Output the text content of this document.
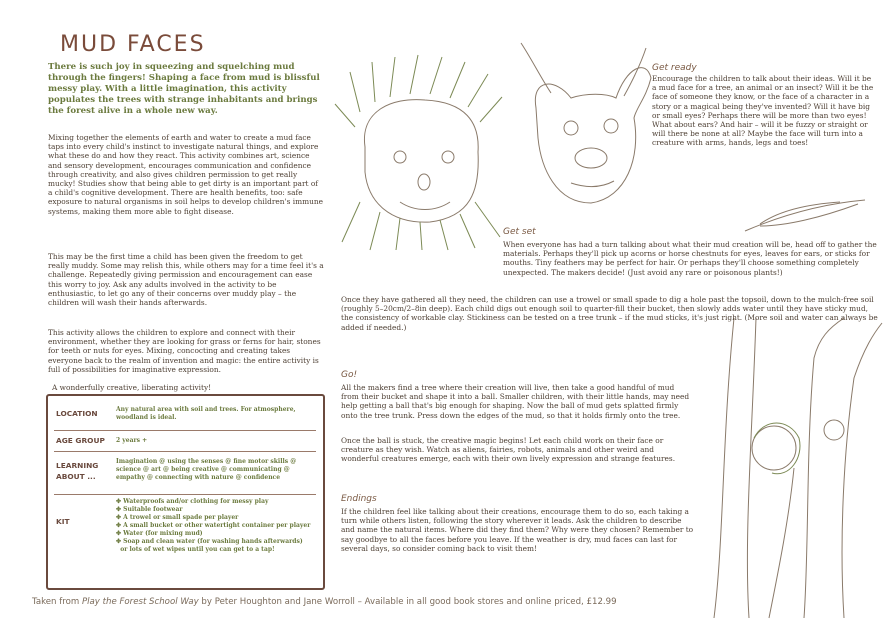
MUD FACES
There is such joy in squeezing and squelching mud through the fingers! Shaping a face from mud is blissful messy play. With a little imagination, this activity populates the trees with strange inhabitants and brings the forest alive in a whole new way.
Mixing together the elements of earth and water to create a mud face taps into every child's instinct to investigate natural things, and explore what these do and how they react. This activity combines art, science and sensory development, encourages communication and confidence through creativity, and also gives children permission to get really mucky! Studies show that being able to get dirty is an important part of a child's cognitive development. There are health benefits, too: safe exposure to natural organisms in soil helps to develop children's immune systems, making them more able to fight disease.
This may be the first time a child has been given the freedom to get really muddy. Some may relish this, while others may for a time feel it's a challenge. Repeatedly giving permission and encouragement can ease this worry to joy. Ask any adults involved in the activity to be enthusiastic, to let go any of their concerns over muddy play – the children will wash their hands afterwards.
This activity allows the children to explore and connect with their environment, whether they are looking for grass or ferns for hair, stones for teeth or nuts for eyes. Mixing, concocting and creating takes everyone back to the realm of invention and magic: the entire activity is full of possibilities for imaginative expression.
A wonderfully creative, liberating activity!
LOCATION	Any natural area with soil and trees. For atmosphere, woodland is ideal.
AGE GROUP 2 years +
LEARNING
ABOUT ...
Imagination @ using the senses @ fine motor skills @ science @ art @ being creative @ communicating @ empathy @ connecting with nature @ confidence
KIT
✤ Waterproofs and/or clothing for messy play
✤ Suitable footwear
✤ A trowel or small spade per player
✤ A small bucket or other watertight container per player
✤ Water (for mixing mud)
✤ Soap and clean water (for washing hands afterwards)
or lots of wet wipes until you can get to a tap!
Get ready
Encourage the children to talk about their ideas. Will it be a mud face for a tree, an animal or an insect? Will it be the face of someone they know, or the face of a character in a story or a magical being they've invented? Will it have big or small eyes? Perhaps there will be more than two eyes! What about ears? And hair – will it be fuzzy or straight or will there be none at all? Maybe the face will turn into a creature with arms, hands, legs and toes!
Get set
When everyone has had a turn talking about what their mud creation will be, head off to gather the materials. Perhaps they'll pick up acorns or horse chestnuts for eyes, leaves for ears, or sticks for mouths. Tiny feathers may be perfect for hair. Or perhaps they'll choose something completely unexpected. The makers decide! (Just avoid any rare or poisonous plants!)
Once they have gathered all they need, the children can use a trowel or small spade to dig a hole past the topsoil, down to the mulch-free soil (roughly 5–20cm/2–8in deep). Each child digs out enough soil to quarter-fill their bucket, then slowly adds water until they have sticky mud, the consistency of workable clay. Stickiness can be tested on a tree trunk – if the mud sticks, it's just right. (More soil and water can always be added if needed.)
Go!
All the makers find a tree where their creation will live, then take a good handful of mud from their bucket and shape it into a ball. Smaller children, with their little hands, may need help getting a ball that's big enough for shaping. Now the ball of mud gets splatted firmly onto the tree trunk. Press down the edges of the mud, so that it holds firmly onto the tree.
Once the ball is stuck, the creative magic begins! Let each child work on their face or creature as they wish. Watch as aliens, fairies, robots, animals and other weird and wonderful creatures emerge, each with their own lively expression and strange features.
Endings
If the children feel like talking about their creations, encourage them to do so, each taking a turn while others listen, following the story wherever it leads. Ask the children to describe and name the natural items. Where did they find them? Why were they chosen? Remember to say goodbye to all the faces before you leave. If the weather is dry, mud faces can last for several days, so consider coming back to visit them!
Taken from Play the Forest School Way by Peter Houghton and Jane Worroll – Available in all good book stores and online priced, £12.99
